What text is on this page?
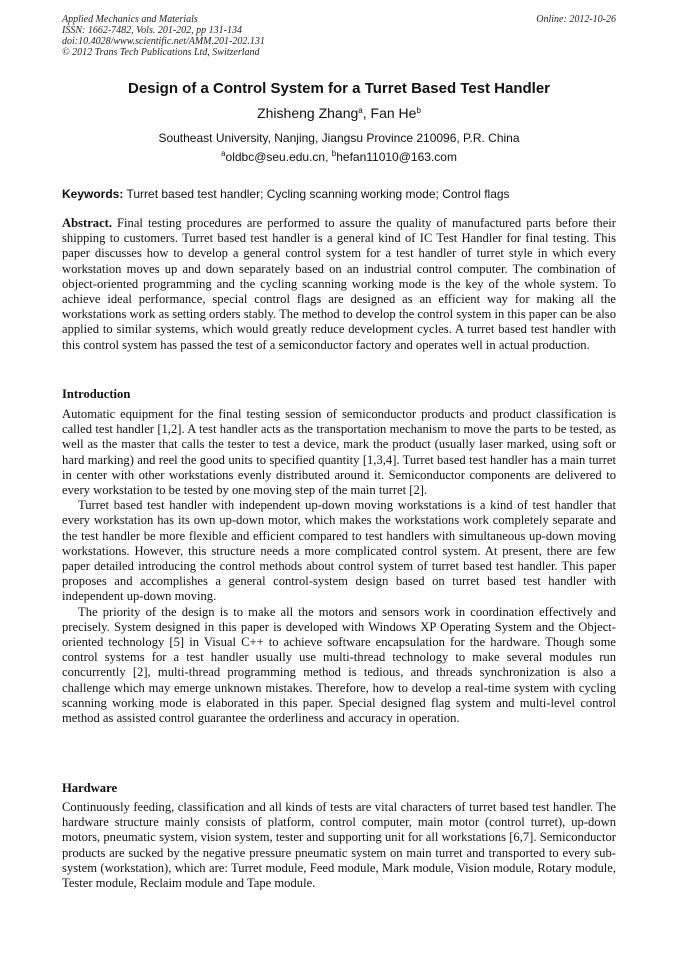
Applied Mechanics and Materials
ISSN: 1662-7482, Vols. 201-202, pp 131-134
doi:10.4028/www.scientific.net/AMM.201-202.131
© 2012 Trans Tech Publications Ltd, Switzerland
Online: 2012-10-26
Design of a Control System for a Turret Based Test Handler
Zhisheng Zhang$^a$, Fan He$^b$
Southeast University, Nanjing, Jiangsu Province 210096, P.R. China
$^a$oldbc@seu.edu.cn, $^b$hefan11010@163.com
Keywords: Turret based test handler; Cycling scanning working mode; Control flags

Abstract. Final testing procedures are performed to assure the quality of manufactured parts before their shipping to customers. Turret based test handler is a general kind of IC Test Handler for final testing. This paper discusses how to develop a general control system for a test handler of turret style in which every workstation moves up and down separately based on an industrial control computer. The combination of object-oriented programming and the cycling scanning working mode is the key of the whole system. To achieve ideal performance, special control flags are designed as an efficient way for making all the workstations work as setting orders stably. The method to develop the control system in this paper can be also applied to similar systems, which would greatly reduce development cycles. A turret based test handler with this control system has passed the test of a semiconductor factory and operates well in actual production.

Introduction

Automatic equipment for the final testing session of semiconductor products and product classification is called test handler [1,2]. A test handler acts as the transportation mechanism to move the parts to be tested, as well as the master that calls the tester to test a device, mark the product (usually laser marked, using soft or hard marking) and reel the good units to specified quantity [1,3,4]. Turret based test handler has a main turret in center with other workstations evenly distributed around it. Semiconductor components are delivered to every workstation to be tested by one moving step of the main turret [2].

Turret based test handler with independent up-down moving workstations is a kind of test handler that every workstation has its own up-down motor, which makes the workstations work completely separate and the test handler be more flexible and efficient compared to test handlers with simultaneous up-down moving workstations. However, this structure needs a more complicated control system. At present, there are few paper detailed introducing the control methods about control system of turret based test handler. This paper proposes and accomplishes a general control-system design based on turret based test handler with independent up-down moving.

The priority of the design is to make all the motors and sensors work in coordination effectively and precisely. System designed in this paper is developed with Windows XP Operating System and the Object-oriented technology [5] in Visual C++ to achieve software encapsulation for the hardware. Though some control systems for a test handler usually use multi-thread technology to make several modules run concurrently [2], multi-thread programming method is tedious, and threads synchronization is also a challenge which may emerge unknown mistakes. Therefore, how to develop a real-time system with cycling scanning working mode is elaborated in this paper. Special designed flag system and multi-level control method as assisted control guarantee the orderliness and accuracy in operation.

Hardware

Continuously feeding, classification and all kinds of tests are vital characters of turret based test handler. The hardware structure mainly consists of platform, control computer, main motor (control turret), up-down motors, pneumatic system, vision system, tester and supporting unit for all workstations [6,7]. Semiconductor products are sucked by the negative pressure pneumatic system on main turret and transported to every sub-system (workstation), which are: Turret module, Feed module, Mark module, Vision module, Rotary module, Tester module, Reclaim module and Tape module.
